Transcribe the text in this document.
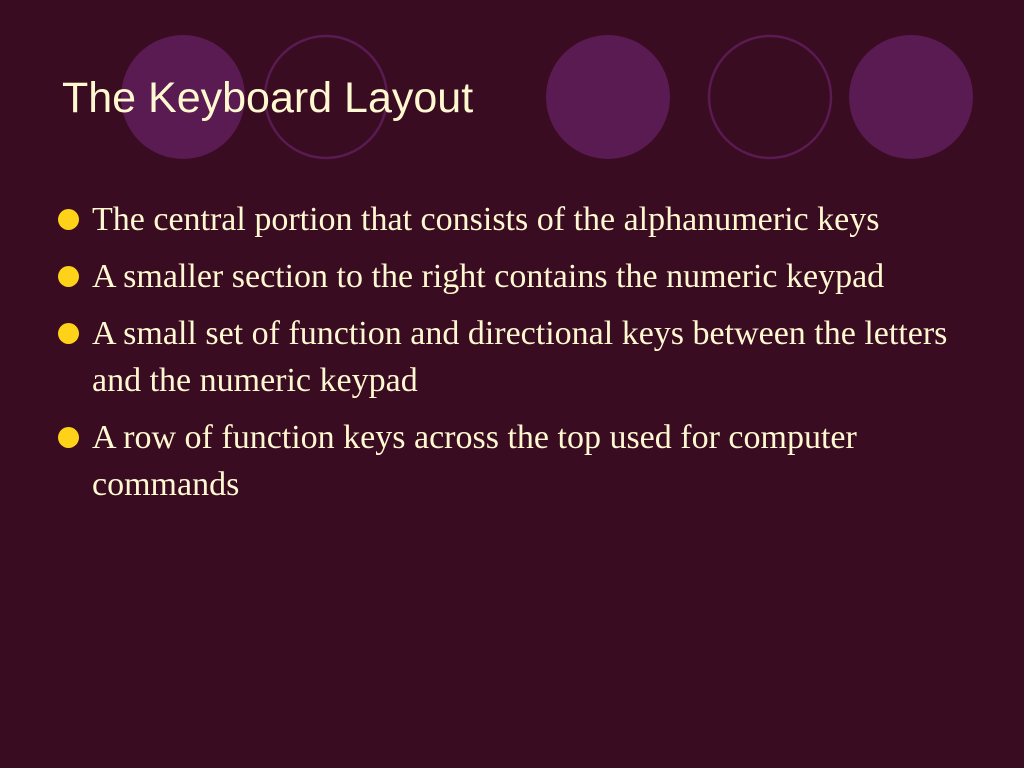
The Keyboard Layout
The central portion that consists of the alphanumeric keys
A smaller section to the right contains the numeric keypad
A small set of function and directional keys between the letters and the numeric keypad
A row of function keys across the top used for computer commands
